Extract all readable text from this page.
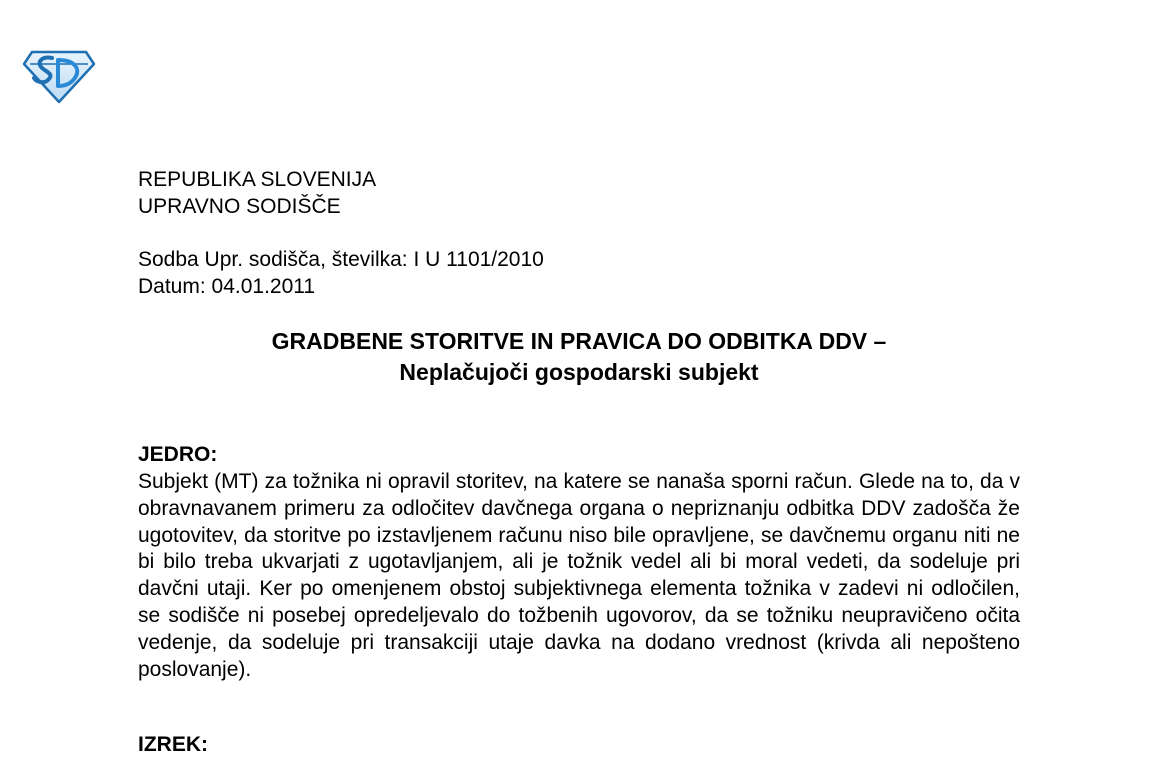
REPUBLIKA SLOVENIJA
UPRAVNO SODIŠČE
Sodba Upr. sodišča, številka: I U 1101/2010
Datum: 04.01.2011
GRADBENE STORITVE IN PRAVICA DO ODBITKA DDV –
Neplačujoči gospodarski subjekt
JEDRO:
Subjekt (MT) za tožnika ni opravil storitev, na katere se nanaša sporni račun. Glede na to, da v obravnavanem primeru za odločitev davčnega organa o nepriznanju odbitka DDV zadošča že ugotovitev, da storitve po izstavljenem računu niso bile opravljene, se davčnemu organu niti ne bi bilo treba ukvarjati z ugotavljanjem, ali je tožnik vedel ali bi moral vedeti, da sodeluje pri davčni utaji. Ker po omenjenem obstoj subjektivnega elementa tožnika v zadevi ni odločilen, se sodišče ni posebej opredeljevalo do tožbenih ugovorov, da se tožniku neupravičeno očita vedenje, da sodeluje pri transakciji utaje davka na dodano vrednost (krivda ali nepošteno poslovanje).
IZREK:
